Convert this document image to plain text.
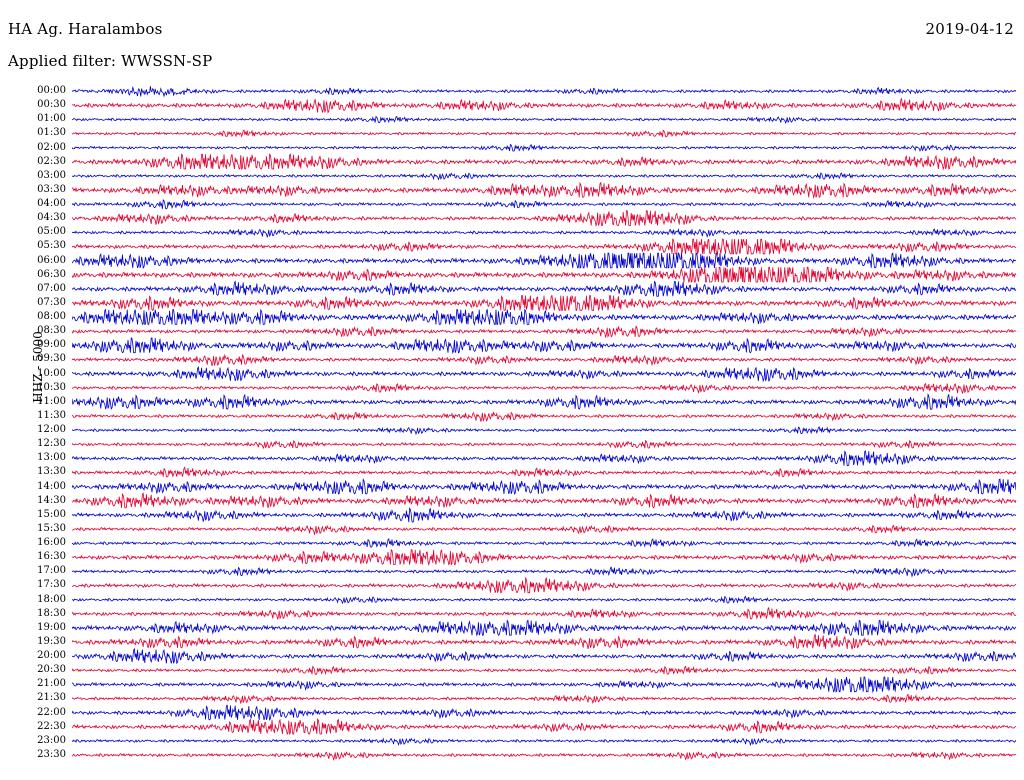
HA Ag. Haralambos	2019-04-12
Applied filter: WWSSN-SP
HHZ - 5000
00:00
00:30
01:00
01:30
02:00
02:30
03:00
03:30
04:00
04:30
05:00
05:30
06:00
06:30
07:00
07:30
08:00
08:30
09:00
09:30
10:00
10:30
11:00
11:30
12:00
12:30
13:00
13:30
14:00
14:30
15:00
15:30
16:00
16:30
17:00
17:30
18:00
18:30
19:00
19:30
20:00
20:30
21:00
21:30
22:00
22:30
23:00
23:30
